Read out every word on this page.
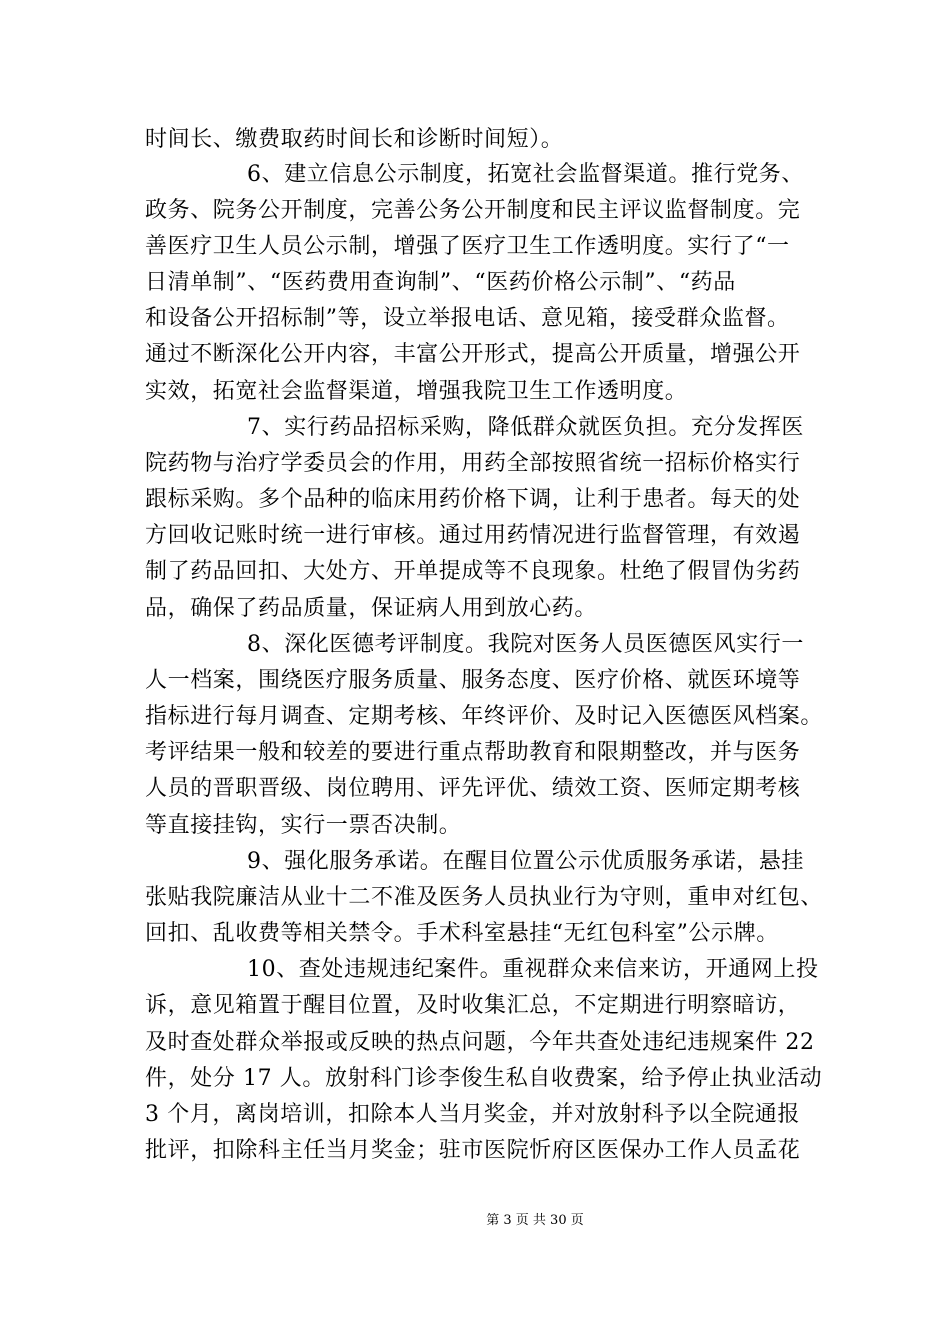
时间长、缴费取药时间长和诊断时间短）。
6、建立信息公示制度，拓宽社会监督渠道。推行党务、
政务、院务公开制度，完善公务公开制度和民主评议监督制度。完
善医疗卫生人员公示制，增强了医疗卫生工作透明度。实行了“一
日清单制”、“医药费用查询制”、“医药价格公示制”、“药品
和设备公开招标制”等，设立举报电话、意见箱，接受群众监督。
通过不断深化公开内容，丰富公开形式，提高公开质量，增强公开
实效，拓宽社会监督渠道，增强我院卫生工作透明度。
7、实行药品招标采购，降低群众就医负担。充分发挥医
院药物与治疗学委员会的作用，用药全部按照省统一招标价格实行
跟标采购。多个品种的临床用药价格下调，让利于患者。每天的处
方回收记账时统一进行审核。通过用药情况进行监督管理，有效遏
制了药品回扣、大处方、开单提成等不良现象。杜绝了假冒伪劣药
品，确保了药品质量，保证病人用到放心药。
8、深化医德考评制度。我院对医务人员医德医风实行一
人一档案，围绕医疗服务质量、服务态度、医疗价格、就医环境等
指标进行每月调查、定期考核、年终评价、及时记入医德医风档案。
考评结果一般和较差的要进行重点帮助教育和限期整改，并与医务
人员的晋职晋级、岗位聘用、评先评优、绩效工资、医师定期考核
等直接挂钩，实行一票否决制。
9、强化服务承诺。在醒目位置公示优质服务承诺，悬挂
张贴我院廉洁从业十二不准及医务人员执业行为守则，重申对红包、
回扣、乱收费等相关禁令。手术科室悬挂“无红包科室”公示牌。
10、查处违规违纪案件。重视群众来信来访，开通网上投
诉，意见箱置于醒目位置，及时收集汇总，不定期进行明察暗访，
及时查处群众举报或反映的热点问题，今年共查处违纪违规案件 22
件，处分 17 人。放射科门诊李俊生私自收费案，给予停止执业活动
3 个月，离岗培训，扣除本人当月奖金，并对放射科予以全院通报
批评，扣除科主任当月奖金；驻市医院忻府区医保办工作人员孟花
第 3 页 共 30 页
